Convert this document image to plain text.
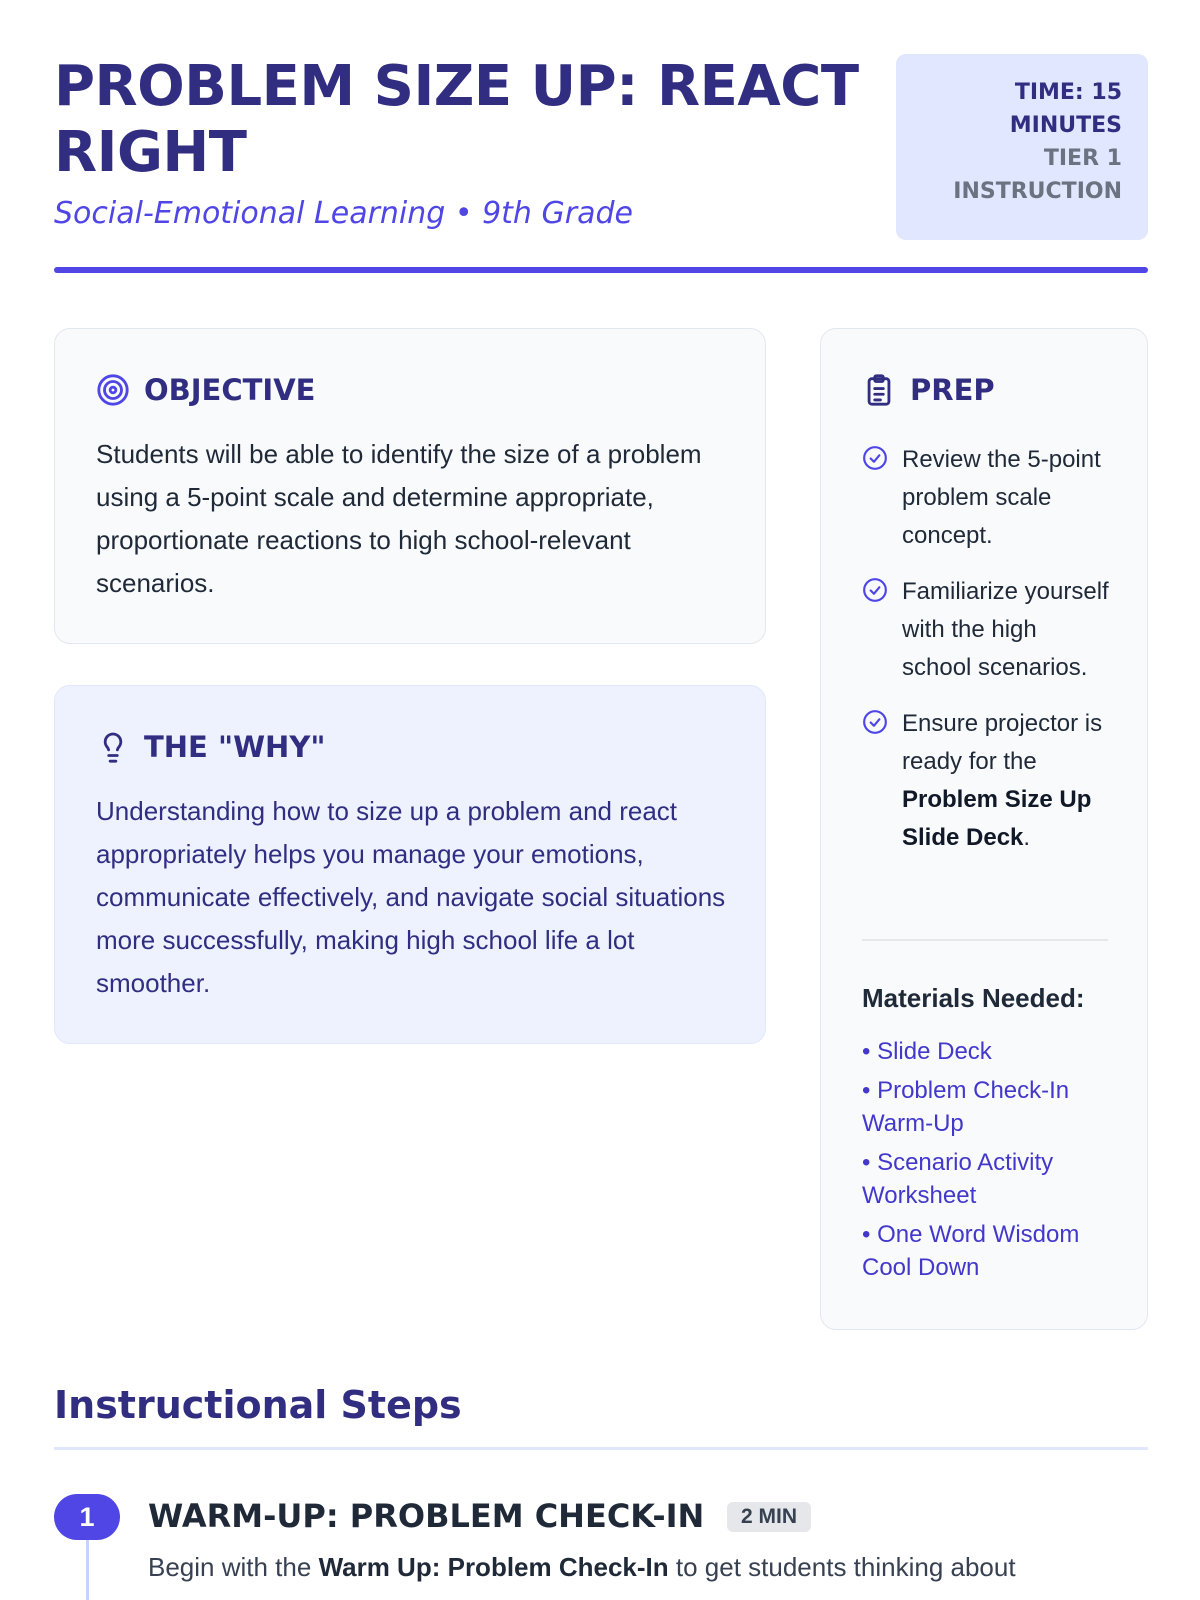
PROBLEM SIZE UP: REACT RIGHT
Social-Emotional Learning • 9th Grade
TIME: 15 MINUTES
TIER 1 INSTRUCTION
OBJECTIVE

Students will be able to identify the size of a problem using a 5-point scale and determine appropriate, proportionate reactions to high school-relevant scenarios.

THE "WHY"

Understanding how to size up a problem and react appropriately helps you manage your emotions, communicate effectively, and navigate social situations more successfully, making high school life a lot smoother.

PREP
Review the 5-point problem scale concept.
Familiarize yourself with the high school scenarios.
Ensure projector is ready for the Problem Size Up Slide Deck.
Materials Needed:
• Slide Deck
• Problem Check-In Warm-Up
• Scenario Activity Worksheet
• One Word Wisdom Cool Down
Instructional Steps
1	WARM-UP: PROBLEM CHECK-IN	2 MIN
Begin with the Warm Up: Problem Check-In to get students thinking about
